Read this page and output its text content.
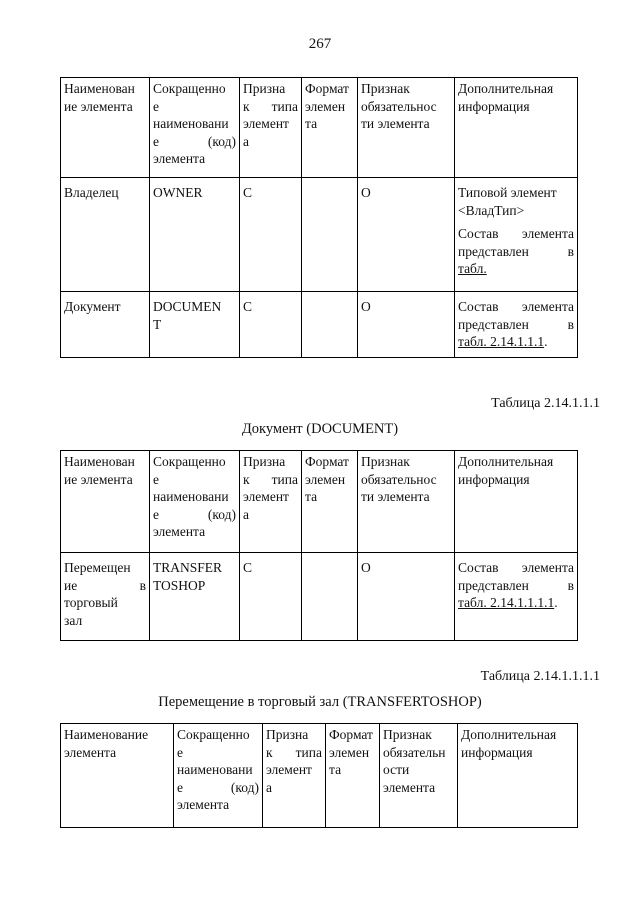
267
Наименован
ие элемента	Сокращенно
е
наименовани

е (код)
элемента	Призна

к типа
элемент
а	Формат
элемен
та	Признак
обязательнос
ти элемента	Дополнительная
информация
Владелец	OWNER	С		О	Типовой элемент
<ВладТип>
Состав элемента
представлен в
табл.

Документ	DOCUMEN
T	С		О	Состав элемента
представлен в
табл. 2.14.1.1.1.
Таблица 2.14.1.1.1
Документ (DOCUMENT)
Наименован
ие элемента	Сокращенно
е
наименовани

е (код)
элемента	Призна

к типа
элемент
а	Формат
элемен
та	Признак
обязательнос
ти элемента	Дополнительная
информация
Перемещен
ие в
торговый
зал	TRANSFER
TOSHOP	С		О	Состав элемента
представлен в
табл. 2.14.1.1.1.1.
Таблица 2.14.1.1.1.1
Перемещение в торговый зал (TRANSFERTOSHOP)
Наименование
элемента	Сокращенно
е
наименовани

е (код)
элемента	Призна

к типа
элемент
а	Формат
элемен
та	Признак
обязательн
ости
элемента	Дополнительная
информация
